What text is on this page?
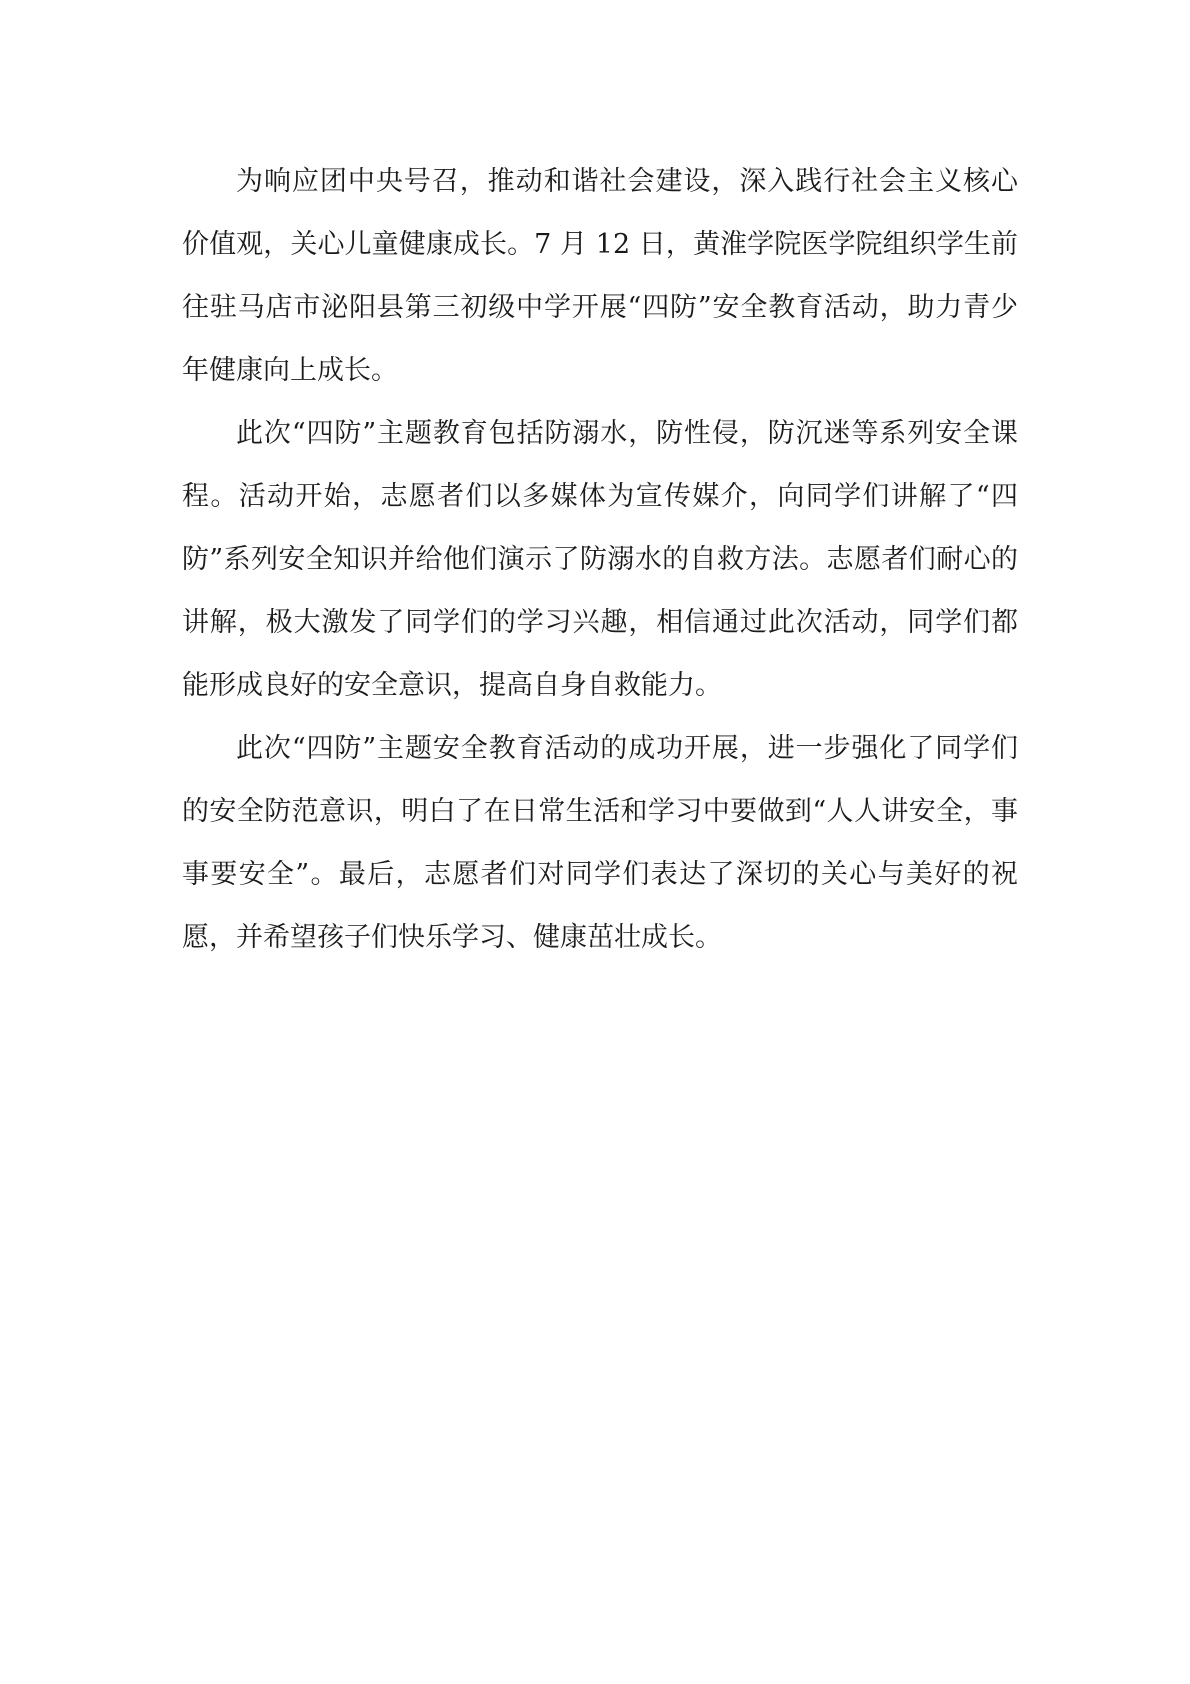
为响应团中央号召，推动和谐社会建设，深入践行社会主义核心价值观，关心儿童健康成长。7 月 12 日，黄淮学院医学院组织学生前往驻马店市泌阳县第三初级中学开展“四防”安全教育活动，助力青少年健康向上成长。

此次“四防”主题教育包括防溺水，防性侵，防沉迷等系列安全课程。活动开始，志愿者们以多媒体为宣传媒介，向同学们讲解了“四防”系列安全知识并给他们演示了防溺水的自救方法。志愿者们耐心的讲解，极大激发了同学们的学习兴趣，相信通过此次活动，同学们都能形成良好的安全意识，提高自身自救能力。

此次“四防”主题安全教育活动的成功开展，进一步强化了同学们的安全防范意识，明白了在日常生活和学习中要做到“人人讲安全，事事要安全”。最后，志愿者们对同学们表达了深切的关心与美好的祝愿，并希望孩子们快乐学习、健康茁壮成长。
